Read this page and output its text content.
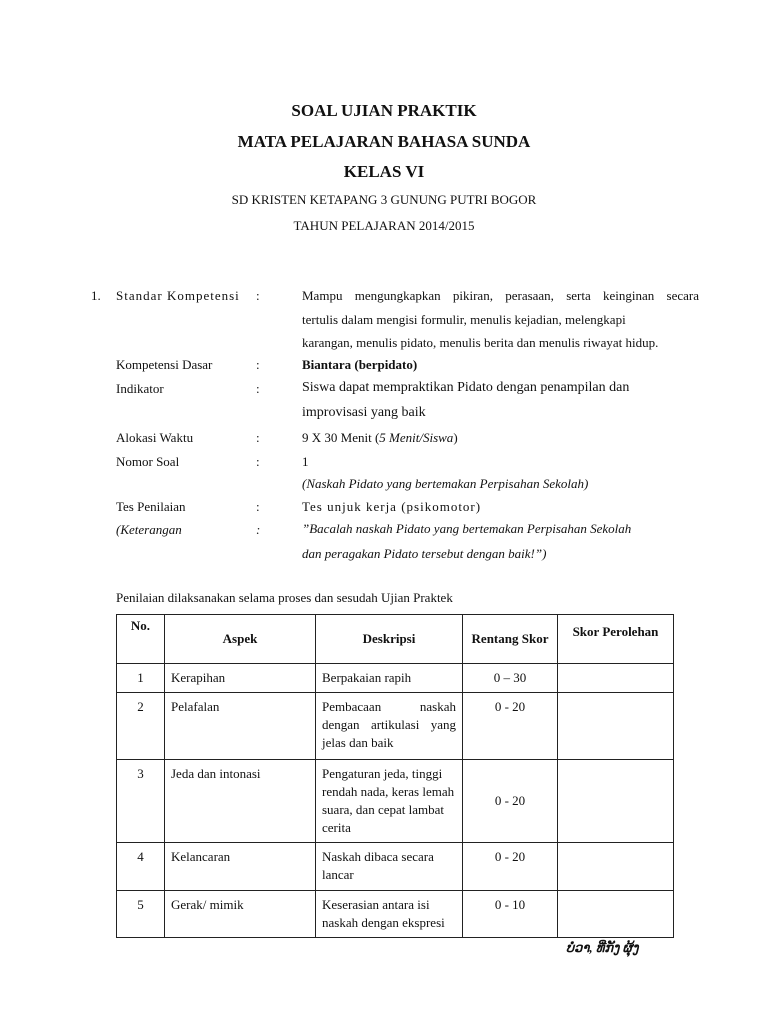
SOAL UJIAN PRAKTIK
MATA PELAJARAN BAHASA SUNDA
KELAS VI
SD KRISTEN KETAPANG 3 GUNUNG PUTRI BOGOR
TAHUN PELAJARAN 2014/2015
1. Standar Kompetensi :	Mampu mengungkapkan pikiran, perasaan, serta keinginan secara
tertulis dalam mengisi formulir, menulis kejadian, melengkapi
karangan, menulis pidato, menulis berita dan menulis riwayat hidup.
Kompetensi Dasar	:	Biantara (berpidato)
Indikator	:	Siswa dapat mempraktikan Pidato dengan penampilan dan
improvisasi yang baik
Alokasi Waktu	:	9 X 30 Menit (5 Menit/Siswa)
Nomor Soal	:	1
(Naskah Pidato yang bertemakan Perpisahan Sekolah)
Tes Penilaian	:	Tes unjuk kerja (psikomotor)
(Keterangan	:	”Bacalah naskah Pidato yang bertemakan Perpisahan Sekolah
dan peragakan Pidato tersebut dengan baik!”)
Penilaian dilaksanakan selama proses dan sesudah Ujian Praktek
No.	Aspek	Deskripsi	Rentang Skor	Skor Perolehan
1	Kerapihan	Berpakaian rapih	0 – 30	
2	Pelafalan	Pembacaan naskah dengan artikulasi yang jelas dan baik	0 - 20	
3	Jeda dan intonasi	Pengaturan jeda, tinggi rendah nada, keras lemah suara, dan cepat lambat cerita	0 - 20	
4	Kelancaran	Naskah dibaca secara lancar	0 - 20	
5	Gerak/ mimik	Keserasian antara isi naskah dengan ekspresi	0 - 10	
ບໍ່ວາ, ທີ່ກັງ ຜຸ້ງ
